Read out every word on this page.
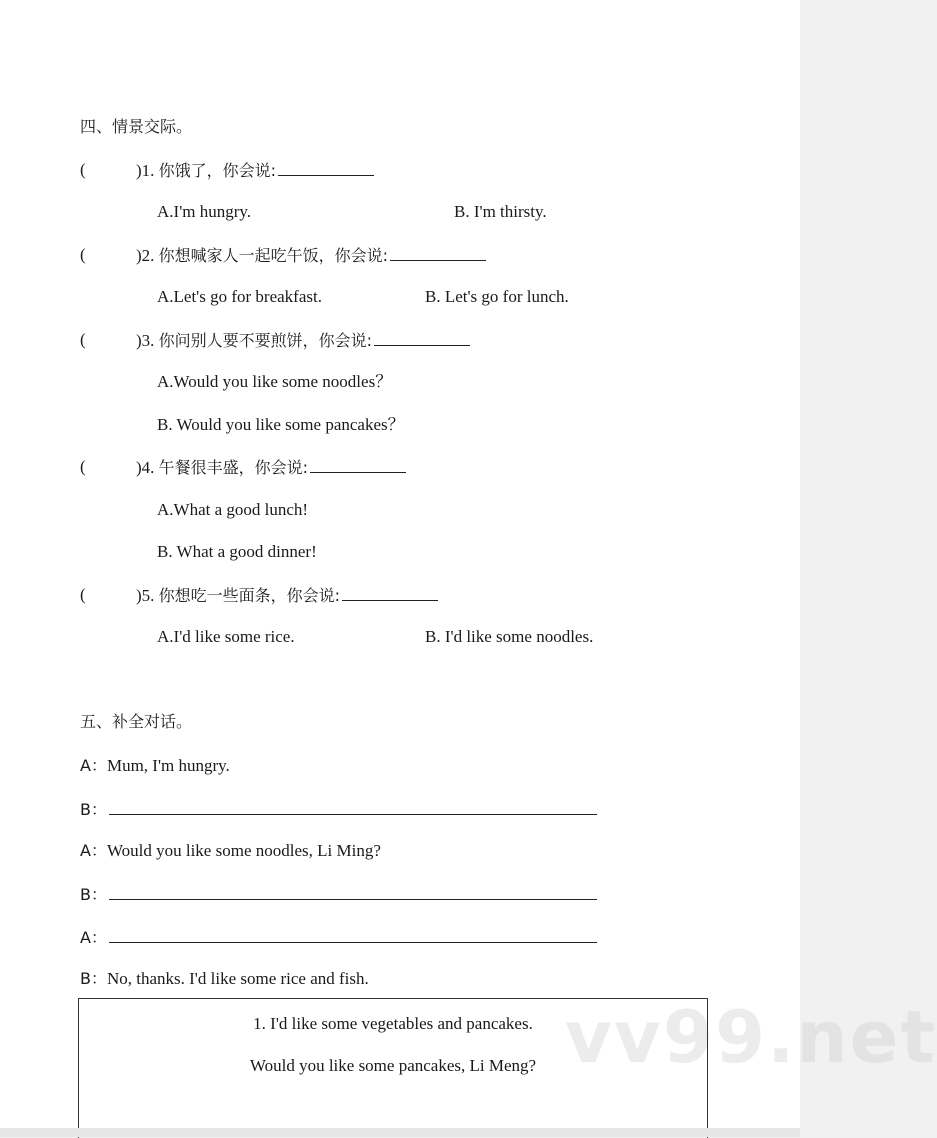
四、情景交际。
(	)1. 你饿了，你会说:
A.I'm hungry.	B. I'm thirsty.
(	)2. 你想喊家人一起吃午饭，你会说:
A.Let's go for breakfast.	B. Let's go for lunch.
(	)3. 你问别人要不要煎饼，你会说:
A.Would you like some noodles？
B. Would you like some pancakes？
(	)4. 午餐很丰盛，你会说:
A.What a good lunch!
B. What a good dinner!
(	)5. 你想吃一些面条，你会说:
A.I'd like some rice.	B. I'd like some noodles.
五、补全对话。
A：Mum, I'm hungry.
B：
A：Would you like some noodles, Li Ming?
B：
A：
B：No, thanks. I'd like some rice and fish.
vv99.net
1. I'd like some vegetables and pancakes.
Would you like some pancakes, Li Meng?
